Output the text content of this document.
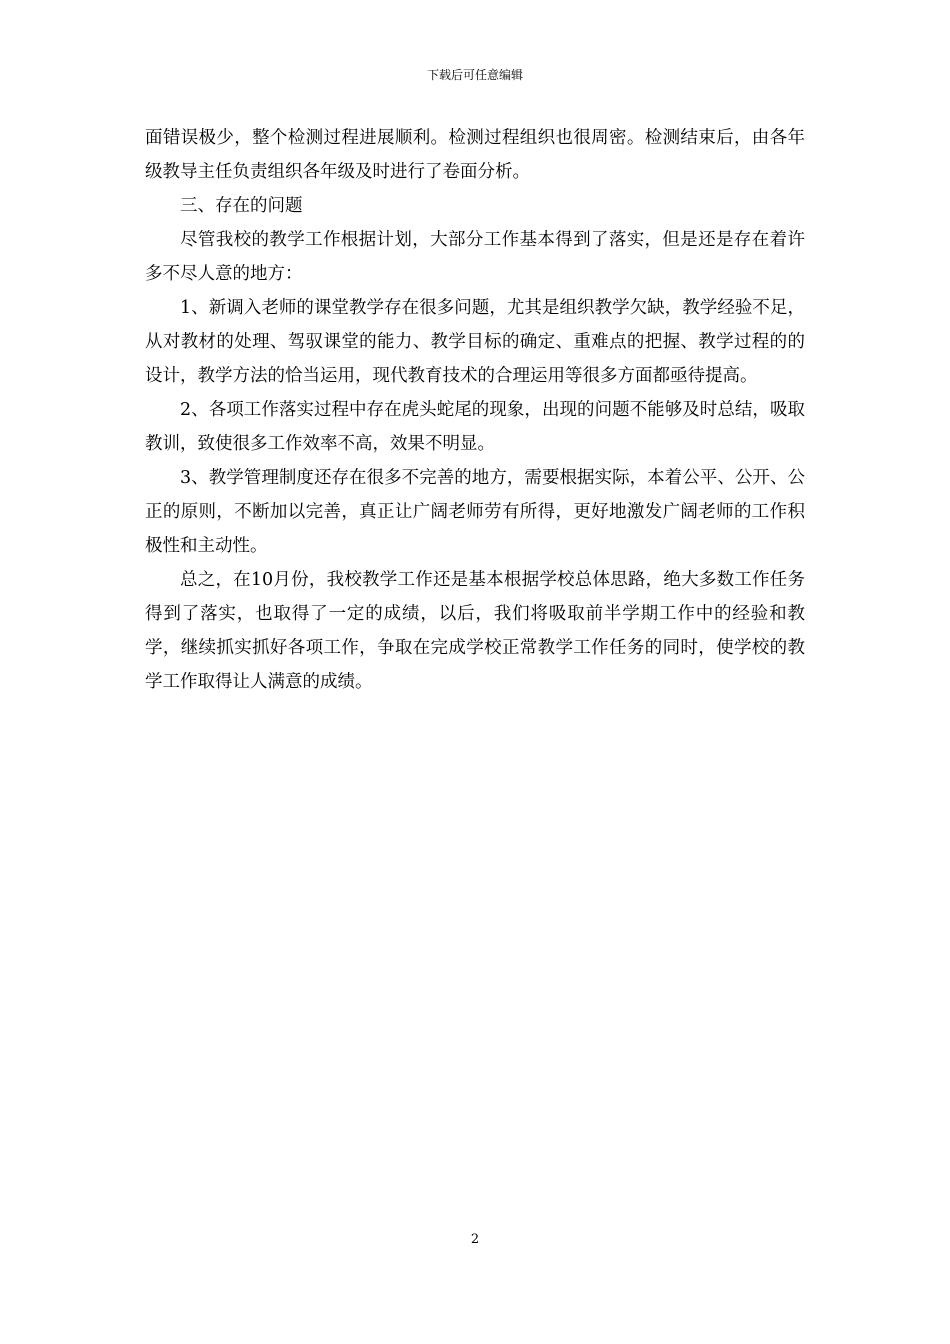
下载后可任意编辑

面错误极少，整个检测过程进展顺利。检测过程组织也很周密。检测结束后，由各年级教导主任负责组织各年级及时进行了卷面分析。

三、存在的问题

尽管我校的教学工作根据计划，大部分工作基本得到了落实，但是还是存在着许多不尽人意的地方：

1、新调入老师的课堂教学存在很多问题，尤其是组织教学欠缺，教学经验不足，从对教材的处理、驾驭课堂的能力、教学目标的确定、重难点的把握、教学过程的的设计，教学方法的恰当运用，现代教育技术的合理运用等很多方面都亟待提高。

2、各项工作落实过程中存在虎头蛇尾的现象，出现的问题不能够及时总结，吸取教训，致使很多工作效率不高，效果不明显。

3、教学管理制度还存在很多不完善的地方，需要根据实际，本着公平、公开、公正的原则，不断加以完善，真正让广阔老师劳有所得，更好地激发广阔老师的工作积极性和主动性。

总之，在10月份，我校教学工作还是基本根据学校总体思路，绝大多数工作任务得到了落实，也取得了一定的成绩，以后，我们将吸取前半学期工作中的经验和教学，继续抓实抓好各项工作，争取在完成学校正常教学工作任务的同时，使学校的教学工作取得让人满意的成绩。

2
